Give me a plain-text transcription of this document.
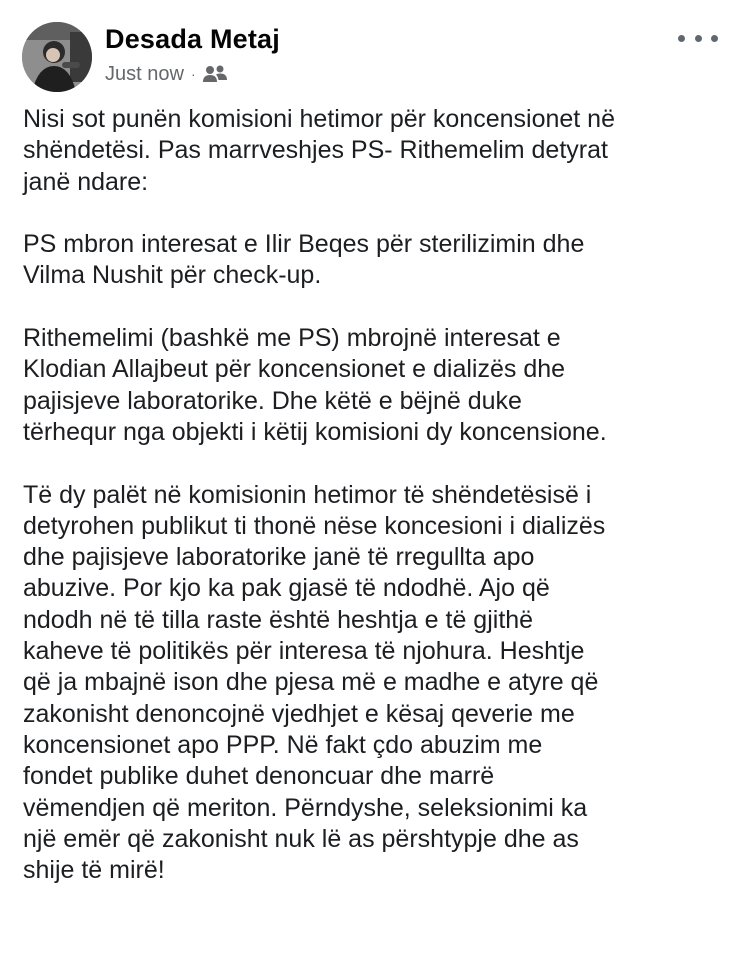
Desada Metaj
Just now ·

Nisi sot punën komisioni hetimor për koncensionet në
shëndetësi. Pas marrveshjes PS- Rithemelim detyrat
janë ndare:

PS mbron interesat e Ilir Beqes për sterilizimin dhe
Vilma Nushit për check-up.

Rithemelimi (bashkë me PS) mbrojnë interesat e
Klodian Allajbeut për koncensionet e dializës dhe
pajisjeve laboratorike. Dhe këtë e bëjnë duke
tërhequr nga objekti i këtij komisioni dy koncensione.

Të dy palët në komisionin hetimor të shëndetësisë i
detyrohen publikut ti thonë nëse koncesioni i dializës
dhe pajisjeve laboratorike janë të rregullta apo
abuzive. Por kjo ka pak gjasë të ndodhë. Ajo që
ndodh në të tilla raste është heshtja e të gjithë
kaheve të politikës për interesa të njohura. Heshtje
që ja mbajnë ison dhe pjesa më e madhe e atyre që
zakonisht denoncojnë vjedhjet e kësaj qeverie me
koncensionet apo PPP. Në fakt çdo abuzim me
fondet publike duhet denoncuar dhe marrë
vëmendjen që meriton. Përndyshe, seleksionimi ka
një emër që zakonisht nuk lë as përshtypje dhe as
shije të mirë!
